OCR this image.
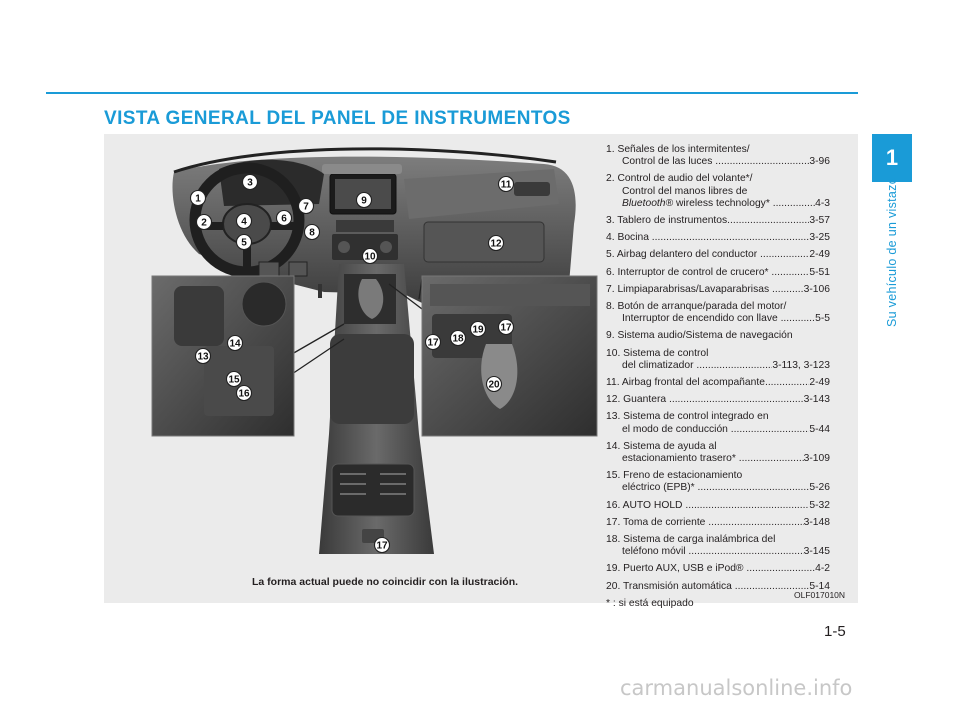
VISTA GENERAL DEL PANEL DE INSTRUMENTOS
1
Su vehículo de un vistazo
1
2
3
4
5
6
7
8
9
10
11
12
13
14
15
16
17
17
17
18
19
20
La forma actual puede no coincidir con la ilustración.
OLF017010N
1. Señales de los intermitentes/
Control de las luces .....	3-96
2. Control de audio del volante*/
Control del manos libres de
Bluetooth® wireless technology* .....	4-3
3. Tablero de instrumentos .....	3-57
4. Bocina .....	3-25
5. Airbag delantero del conductor .....	2-49
6. Interruptor de control de crucero* .....	5-51
7. Limpiaparabrisas/Lavaparabrisas .....	3-106
8. Botón de arranque/parada del motor/
Interruptor de encendido con llave .....	5-5
9. Sistema audio/Sistema de navegación
10. Sistema de control
del climatizador .....	3-113, 3-123
11. Airbag frontal del acompañante .....	2-49
12. Guantera .....	3-143
13. Sistema de control integrado en
el modo de conducción .....	5-44
14. Sistema de ayuda al
estacionamiento trasero* .....	3-109
15. Freno de estacionamiento
eléctrico (EPB)* .....	5-26
16. AUTO HOLD .....	5-32
17. Toma de corriente .....	3-148
18. Sistema de carga inalámbrica del
teléfono móvil .....	3-145
19. Puerto AUX, USB e iPod® .....	4-2
20. Transmisión automática .....	5-14
* : si está equipado
1-5
carmanualsonline.info
